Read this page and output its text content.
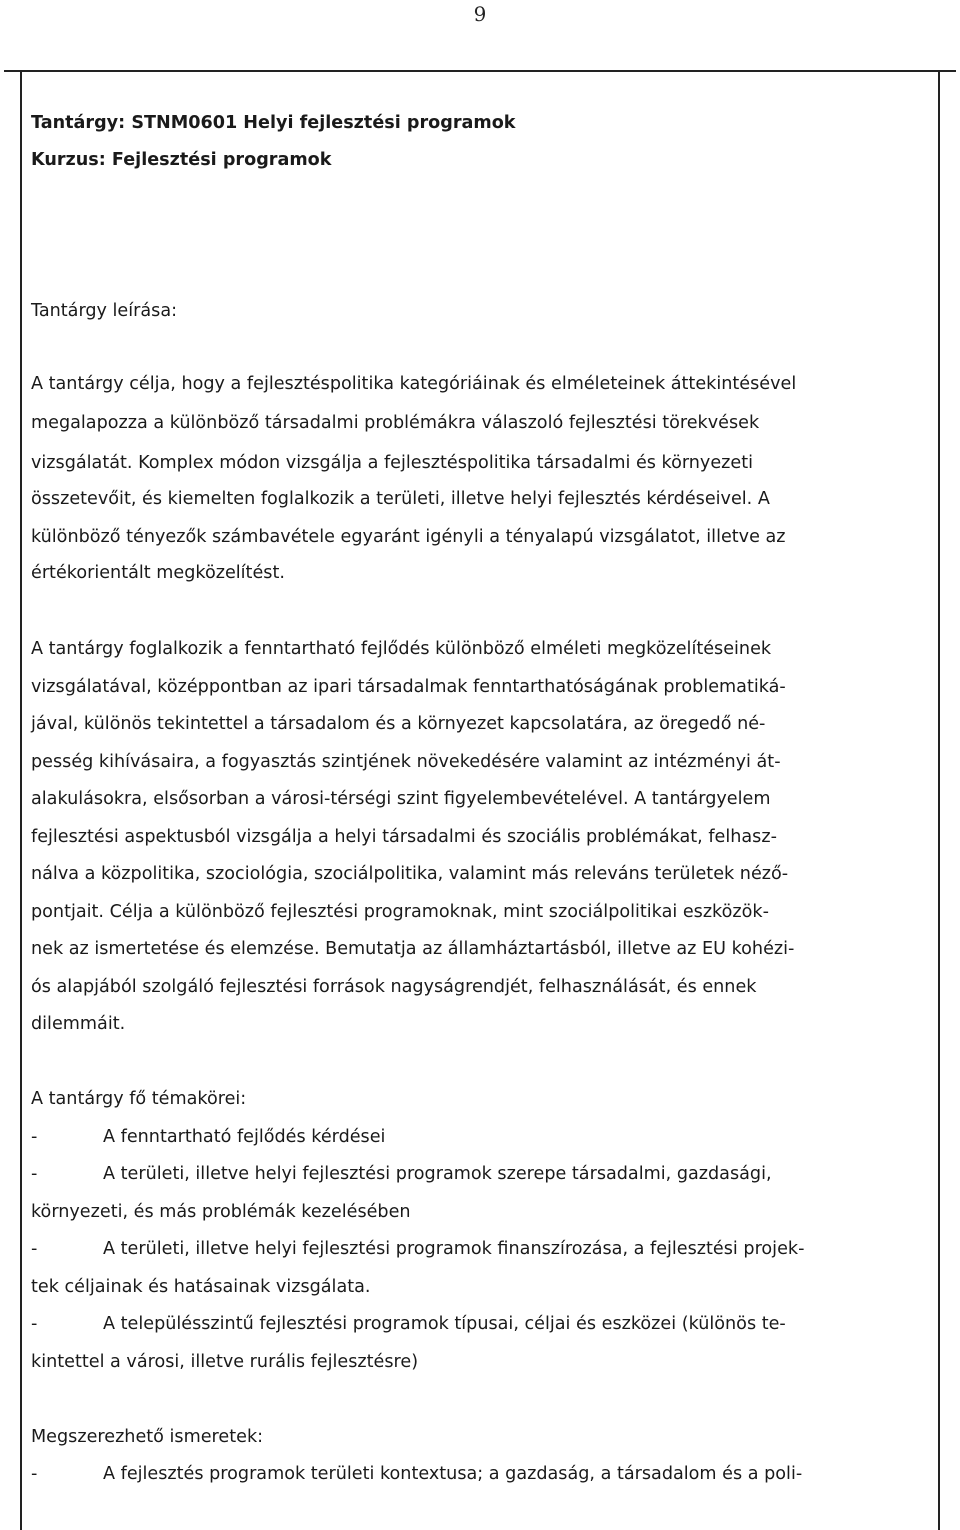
9
Tantárgy: STNM0601 Helyi fejlesztési programok
Kurzus: Fejlesztési programok
Tantárgy leírása:
A tantárgy célja, hogy a fejlesztéspolitika kategóriáinak és elméleteinek áttekintésével
megalapozza a különböző társadalmi problémákra válaszoló fejlesztési törekvések
vizsgálatát. Komplex módon vizsgálja a fejlesztéspolitika társadalmi és környezeti
összetevőit, és kiemelten foglalkozik a területi, illetve helyi fejlesztés kérdéseivel. A
különböző tényezők számbavétele egyaránt igényli a tényalapú vizsgálatot, illetve az
értékorientált megközelítést.
A tantárgy foglalkozik a fenntartható fejlődés különböző elméleti megközelítéseinek
vizsgálatával, középpontban az ipari társadalmak fenntarthatóságának problematiká-
jával, különös tekintettel a társadalom és a környezet kapcsolatára, az öregedő né-
pesség kihívásaira, a fogyasztás szintjének növekedésére valamint az intézményi át-
alakulásokra, elsősorban a városi-térségi szint figyelembevételével. A tantárgyelem
fejlesztési aspektusból vizsgálja a helyi társadalmi és szociális problémákat, felhasz-
nálva a közpolitika, szociológia, szociálpolitika, valamint más releváns területek néző-
pontjait. Célja a különböző fejlesztési programoknak, mint szociálpolitikai eszközök-
nek az ismertetése és elemzése. Bemutatja az államháztartásból, illetve az EU kohézi-
ós alapjából szolgáló fejlesztési források nagyságrendjét, felhasználását, és ennek
dilemmáit.
A tantárgy fő témakörei:
-	A fenntartható fejlődés kérdései
-	A területi, illetve helyi fejlesztési programok szerepe társadalmi, gazdasági,
környezeti, és más problémák kezelésében
-	A területi, illetve helyi fejlesztési programok finanszírozása, a fejlesztési projek-
tek céljainak és hatásainak vizsgálata.
-	A településszintű fejlesztési programok típusai, céljai és eszközei (különös te-
kintettel a városi, illetve rurális fejlesztésre)
Megszerezhető ismeretek:
-	A fejlesztés programok területi kontextusa; a gazdaság, a társadalom és a poli-
